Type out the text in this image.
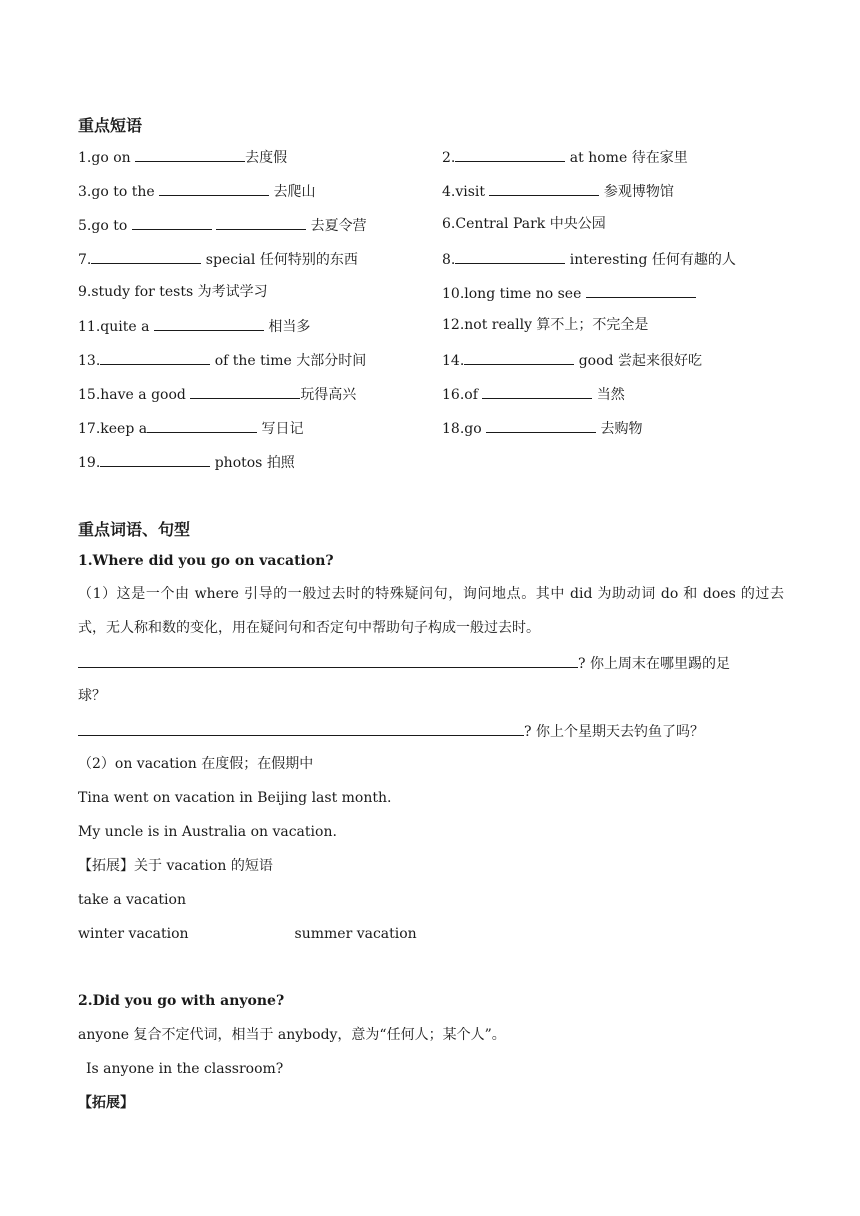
重点短语
1.go on	去度假	2.	at home 待在家里
3.go to the	去爬山	4.visit	参观博物馆
5.go to	去夏令营	6.Central Park 中央公园
7.	special 任何特别的东西	8.	interesting 任何有趣的人
9.study for tests 为考试学习	10.long time no see
11.quite a	相当多	12.not really 算不上；不完全是
13.	of the time 大部分时间	14.	good 尝起来很好吃
15.have a good	玩得高兴	16.of	当然
17.keep a	写日记	18.go	去购物
19.	photos 拍照
重点词语、句型
1.Where did you go on vacation?
（1）这是一个由 where 引导的一般过去时的特殊疑问句，询问地点。其中 did 为助动词 do 和 does 的过去
式，无人称和数的变化，用在疑问句和否定句中帮助句子构成一般过去时。
? 你上周末在哪里踢的足
球？
? 你上个星期天去钓鱼了吗？
（2）on vacation 在度假；在假期中
Tina went on vacation in Beijing last month.
My uncle is in Australia on vacation.
【拓展】关于 vacation 的短语
take a vacation
winter vacation	summer vacation
2.Did you go with anyone?
anyone 复合不定代词，相当于 anybody，意为“任何人；某个人”。
Is anyone in the classroom?
【拓展】
